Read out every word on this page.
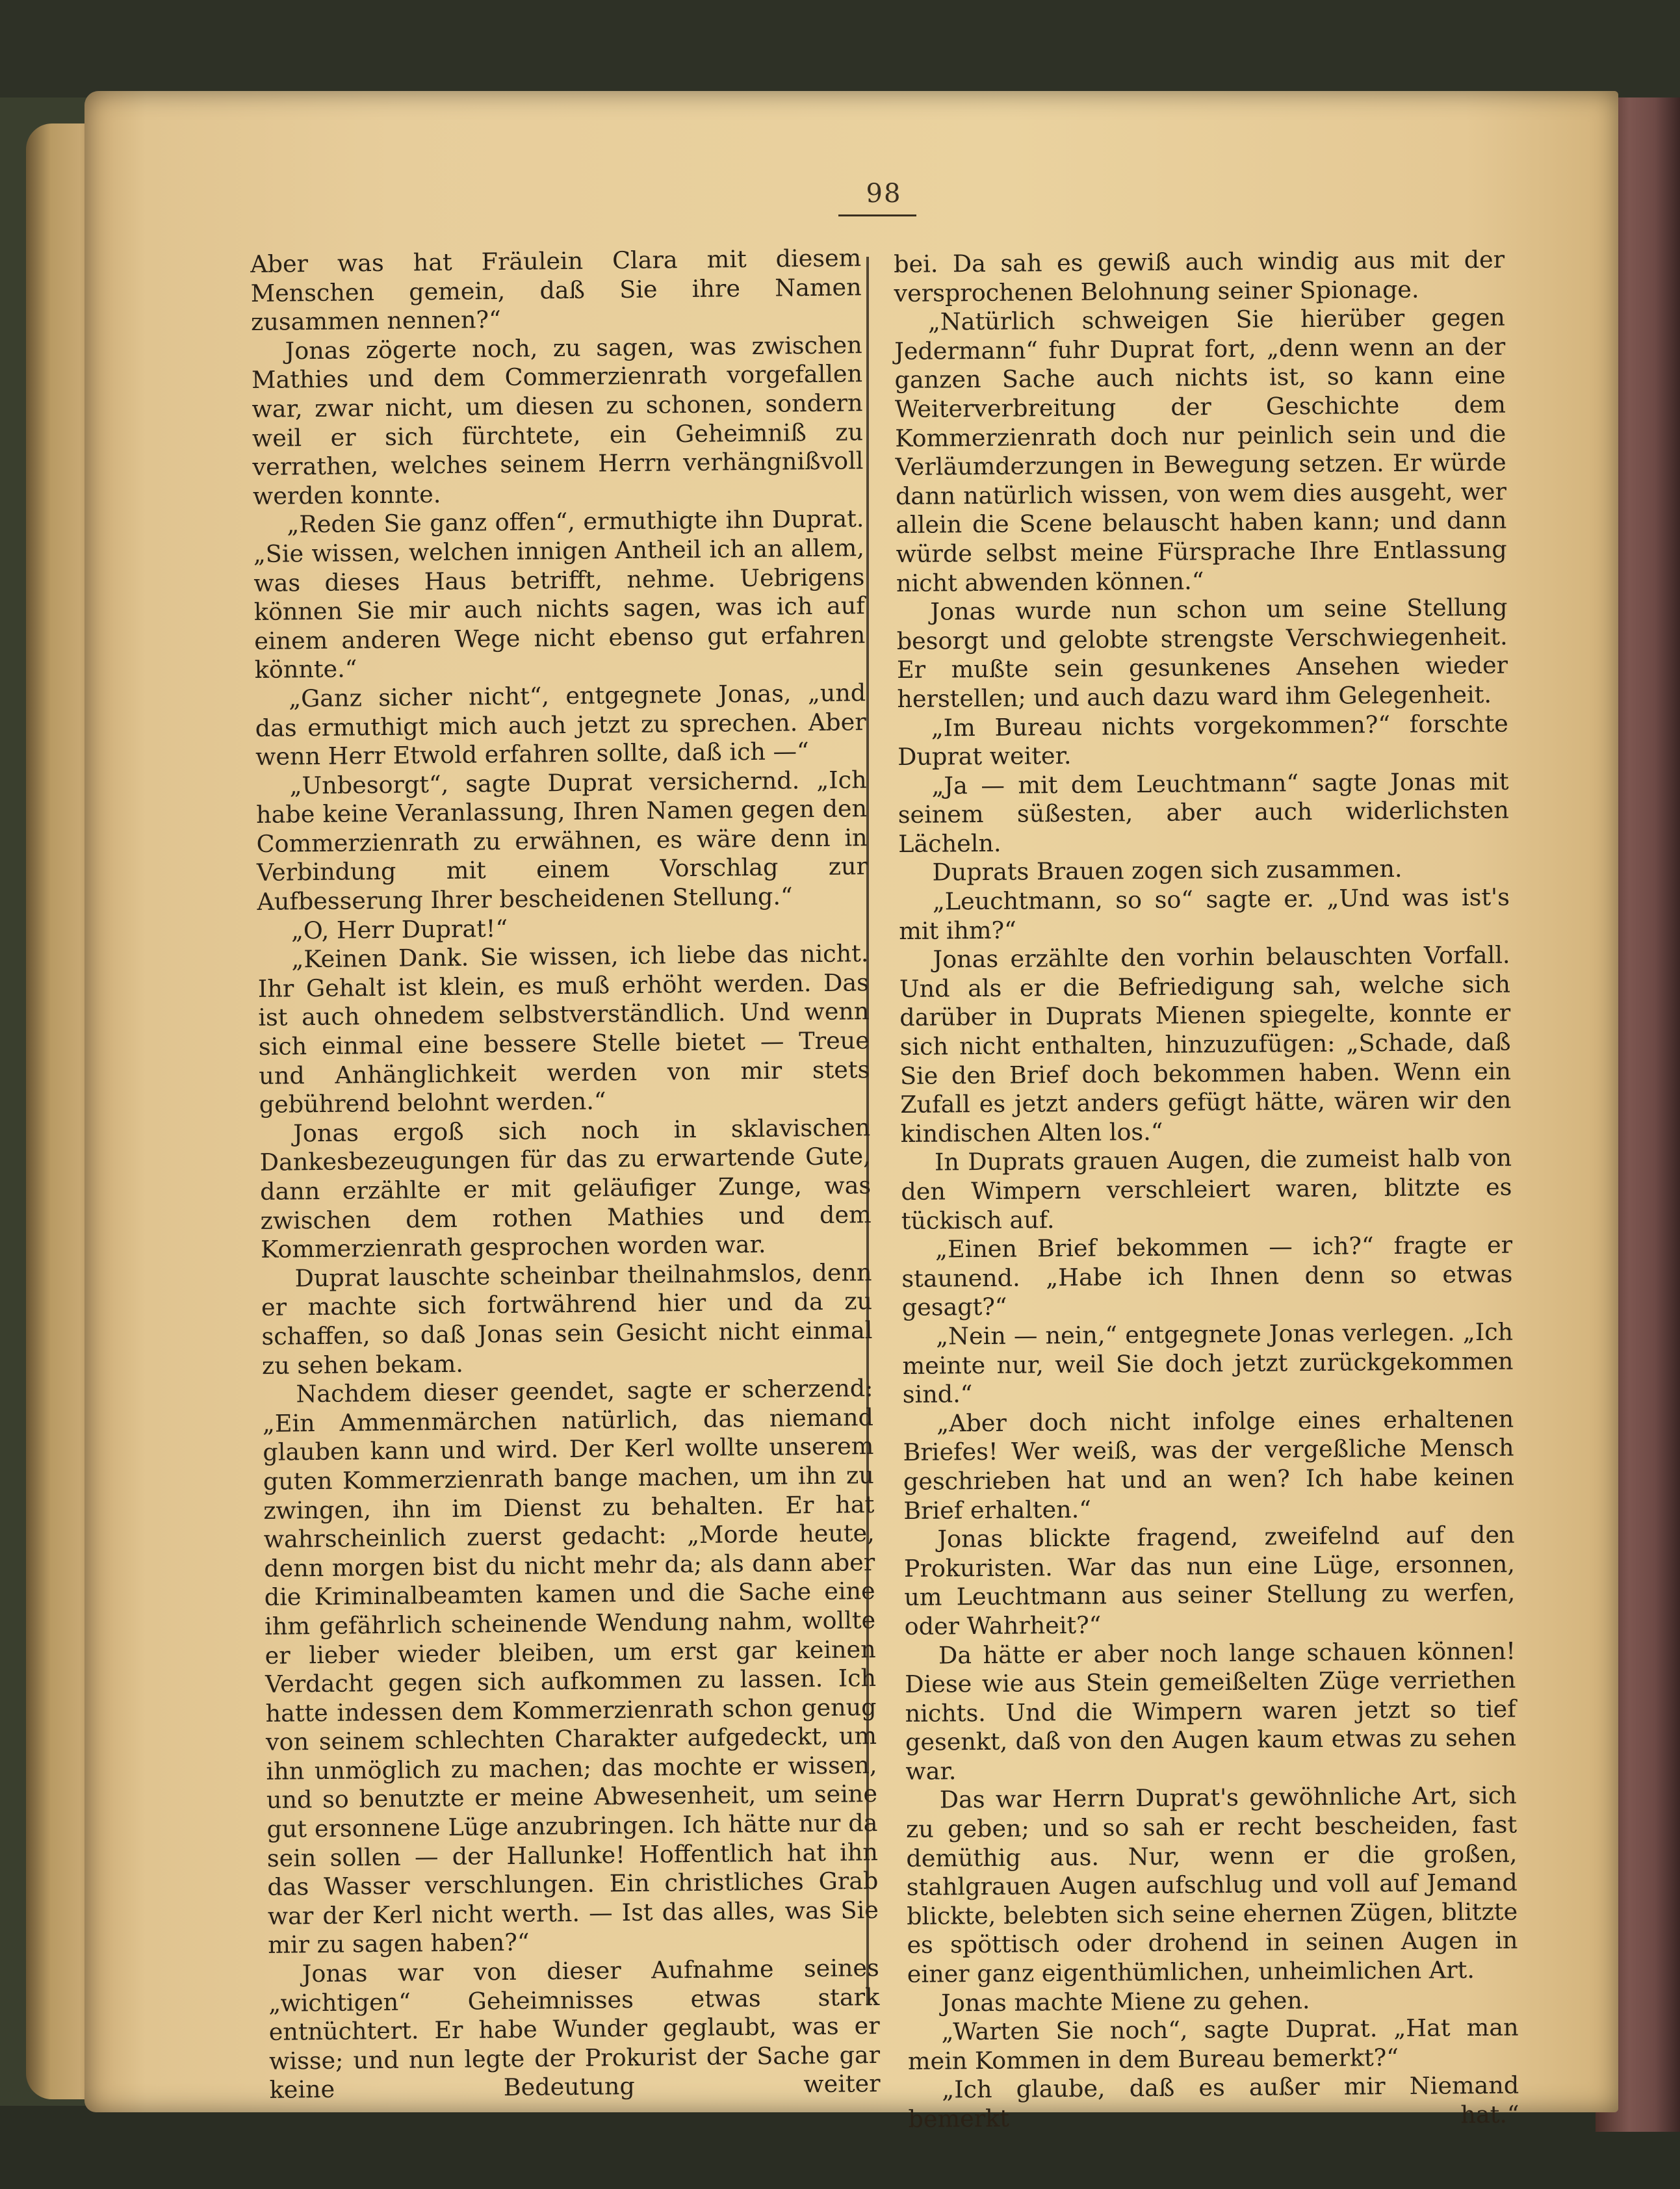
98

Aber was hat Fräulein Clara mit diesem Menschen gemein, daß Sie ihre Namen zusammen nennen?“

Jonas zögerte noch, zu sagen, was zwischen Mathies und dem Commerzienrath vorgefallen war, zwar nicht, um diesen zu schonen, sondern weil er sich fürchtete, ein Geheimniß zu verrathen, welches seinem Herrn verhängnißvoll werden konnte.

„Reden Sie ganz offen“, ermuthigte ihn Duprat. „Sie wissen, welchen innigen Antheil ich an allem, was dieses Haus betrifft, nehme. Uebrigens können Sie mir auch nichts sagen, was ich auf einem anderen Wege nicht ebenso gut erfahren könnte.“

„Ganz sicher nicht“, entgegnete Jonas, „und das ermuthigt mich auch jetzt zu sprechen. Aber wenn Herr Etwold erfahren sollte, daß ich —“

„Unbesorgt“, sagte Duprat versichernd. „Ich habe keine Veranlassung, Ihren Namen gegen den Commerzienrath zu erwähnen, es wäre denn in Verbindung mit einem Vorschlag zur Aufbesserung Ihrer bescheidenen Stellung.“

„O, Herr Duprat!“

„Keinen Dank. Sie wissen, ich liebe das nicht. Ihr Gehalt ist klein, es muß erhöht werden. Das ist auch ohnedem selbstverständlich. Und wenn sich einmal eine bessere Stelle bietet — Treue und Anhänglichkeit werden von mir stets gebührend belohnt werden.“

Jonas ergoß sich noch in sklavischen Dankesbezeugungen für das zu erwartende Gute, dann erzählte er mit geläufiger Zunge, was zwischen dem rothen Mathies und dem Kommerzienrath gesprochen worden war.

Duprat lauschte scheinbar theilnahmslos, denn er machte sich fortwährend hier und da zu schaffen, so daß Jonas sein Gesicht nicht einmal zu sehen bekam.

Nachdem dieser geendet, sagte er scherzend: „Ein Ammenmärchen natürlich, das niemand glauben kann und wird. Der Kerl wollte unserem guten Kommerzienrath bange machen, um ihn zu zwingen, ihn im Dienst zu behalten. Er hat wahrscheinlich zuerst gedacht: „Morde heute, denn morgen bist du nicht mehr da; als dann aber die Kriminalbeamten kamen und die Sache eine ihm gefährlich scheinende Wendung nahm, wollte er lieber wieder bleiben, um erst gar keinen Verdacht gegen sich aufkommen zu lassen. Ich hatte indessen dem Kommerzienrath schon genug von seinem schlechten Charakter aufgedeckt, um ihn unmöglich zu machen; das mochte er wissen, und so benutzte er meine Abwesenheit, um seine gut ersonnene Lüge anzubringen. Ich hätte nur da sein sollen — der Hallunke! Hoffentlich hat ihn das Wasser verschlungen. Ein christliches Grab war der Kerl nicht werth. — Ist das alles, was Sie mir zu sagen haben?“

Jonas war von dieser Aufnahme seines „wichtigen“ Geheimnisses etwas stark entnüchtert. Er habe Wunder geglaubt, was er wisse; und nun legte der Prokurist der Sache gar keine Bedeutung weiter

bei. Da sah es gewiß auch windig aus mit der versprochenen Belohnung seiner Spionage.

„Natürlich schweigen Sie hierüber gegen Jedermann“ fuhr Duprat fort, „denn wenn an der ganzen Sache auch nichts ist, so kann eine Weiterverbreitung der Geschichte dem Kommerzienrath doch nur peinlich sein und die Verläumderzungen in Bewegung setzen. Er würde dann natürlich wissen, von wem dies ausgeht, wer allein die Scene belauscht haben kann; und dann würde selbst meine Fürsprache Ihre Entlassung nicht abwenden können.“

Jonas wurde nun schon um seine Stellung besorgt und gelobte strengste Verschwiegenheit. Er mußte sein gesunkenes Ansehen wieder herstellen; und auch dazu ward ihm Gelegenheit.

„Im Bureau nichts vorgekommen?“ forschte Duprat weiter.

„Ja — mit dem Leuchtmann“ sagte Jonas mit seinem süßesten, aber auch widerlichsten Lächeln.

Duprats Brauen zogen sich zusammen.

„Leuchtmann, so so“ sagte er. „Und was ist's mit ihm?“

Jonas erzählte den vorhin belauschten Vorfall. Und als er die Befriedigung sah, welche sich darüber in Duprats Mienen spiegelte, konnte er sich nicht enthalten, hinzuzufügen: „Schade, daß Sie den Brief doch bekommen haben. Wenn ein Zufall es jetzt anders gefügt hätte, wären wir den kindischen Alten los.“

In Duprats grauen Augen, die zumeist halb von den Wimpern verschleiert waren, blitzte es tückisch auf.

„Einen Brief bekommen — ich?“ fragte er staunend. „Habe ich Ihnen denn so etwas gesagt?“

„Nein — nein,“ entgegnete Jonas verlegen. „Ich meinte nur, weil Sie doch jetzt zurückgekommen sind.“

„Aber doch nicht infolge eines erhaltenen Briefes! Wer weiß, was der vergeßliche Mensch geschrieben hat und an wen? Ich habe keinen Brief erhalten.“

Jonas blickte fragend, zweifelnd auf den Prokuristen. War das nun eine Lüge, ersonnen, um Leuchtmann aus seiner Stellung zu werfen, oder Wahrheit?“

Da hätte er aber noch lange schauen können! Diese wie aus Stein gemeißelten Züge verriethen nichts. Und die Wimpern waren jetzt so tief gesenkt, daß von den Augen kaum etwas zu sehen war.

Das war Herrn Duprat's gewöhnliche Art, sich zu geben; und so sah er recht bescheiden, fast demüthig aus. Nur, wenn er die großen, stahlgrauen Augen aufschlug und voll auf Jemand blickte, belebten sich seine ehernen Zügen, blitzte es spöttisch oder drohend in seinen Augen in einer ganz eigenthümlichen, unheimlichen Art.

Jonas machte Miene zu gehen.

„Warten Sie noch“, sagte Duprat. „Hat man mein Kommen in dem Bureau bemerkt?“

„Ich glaube, daß es außer mir Niemand bemerkt hat.“
